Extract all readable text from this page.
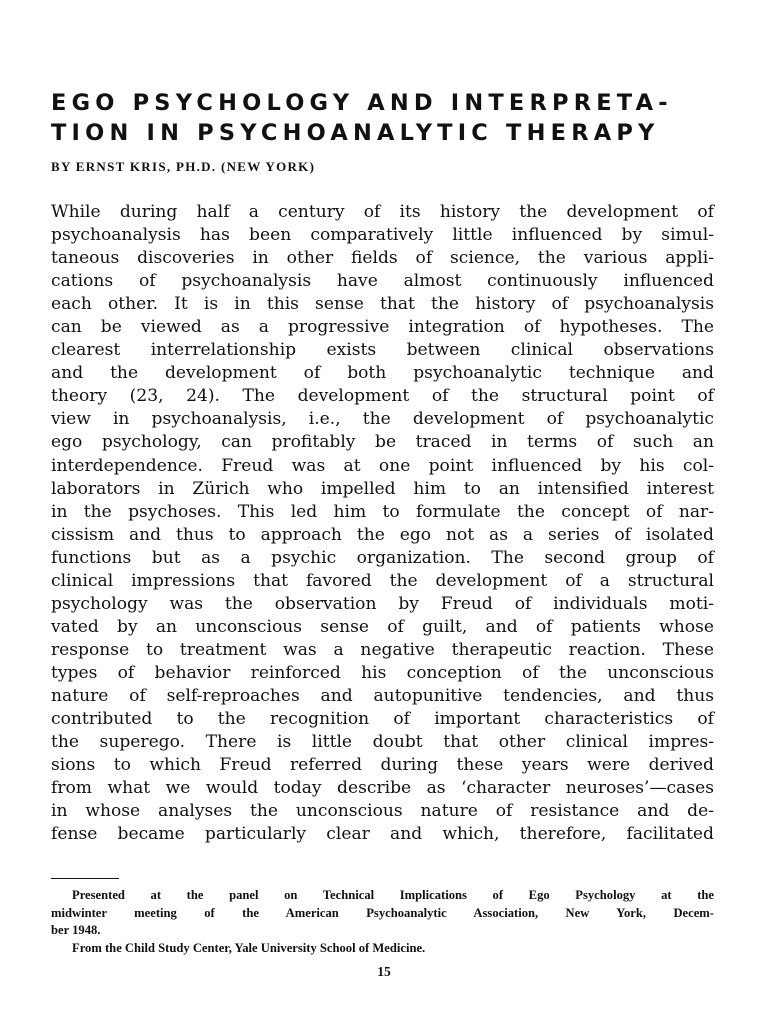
EGO PSYCHOLOGY AND INTERPRETA-
TION IN PSYCHOANALYTIC THERAPY
BY ERNST KRIS, PH.D. (NEW YORK)
While during half a century of its history the development of
psychoanalysis has been comparatively little influenced by simul-
taneous discoveries in other fields of science, the various appli-
cations of psychoanalysis have almost continuously influenced
each other. It is in this sense that the history of psychoanalysis
can be viewed as a progressive integration of hypotheses. The
clearest interrelationship exists between clinical observations
and the development of both psychoanalytic technique and
theory (23, 24). The development of the structural point of
view in psychoanalysis, i.e., the development of psychoanalytic
ego psychology, can profitably be traced in terms of such an
interdependence. Freud was at one point influenced by his col-
laborators in Zürich who impelled him to an intensified interest
in the psychoses. This led him to formulate the concept of nar-
cissism and thus to approach the ego not as a series of isolated
functions but as a psychic organization. The second group of
clinical impressions that favored the development of a structural
psychology was the observation by Freud of individuals moti-
vated by an unconscious sense of guilt, and of patients whose
response to treatment was a negative therapeutic reaction. These
types of behavior reinforced his conception of the unconscious
nature of self-reproaches and autopunitive tendencies, and thus
contributed to the recognition of important characteristics of
the superego. There is little doubt that other clinical impres-
sions to which Freud referred during these years were derived
from what we would today describe as ‘character neuroses’—cases
in whose analyses the unconscious nature of resistance and de-
fense became particularly clear and which, therefore, facilitated
Presented at the panel on Technical Implications of Ego Psychology at the
midwinter meeting of the American Psychoanalytic Association, New York, Decem-
ber 1948.
From the Child Study Center, Yale University School of Medicine.
15
